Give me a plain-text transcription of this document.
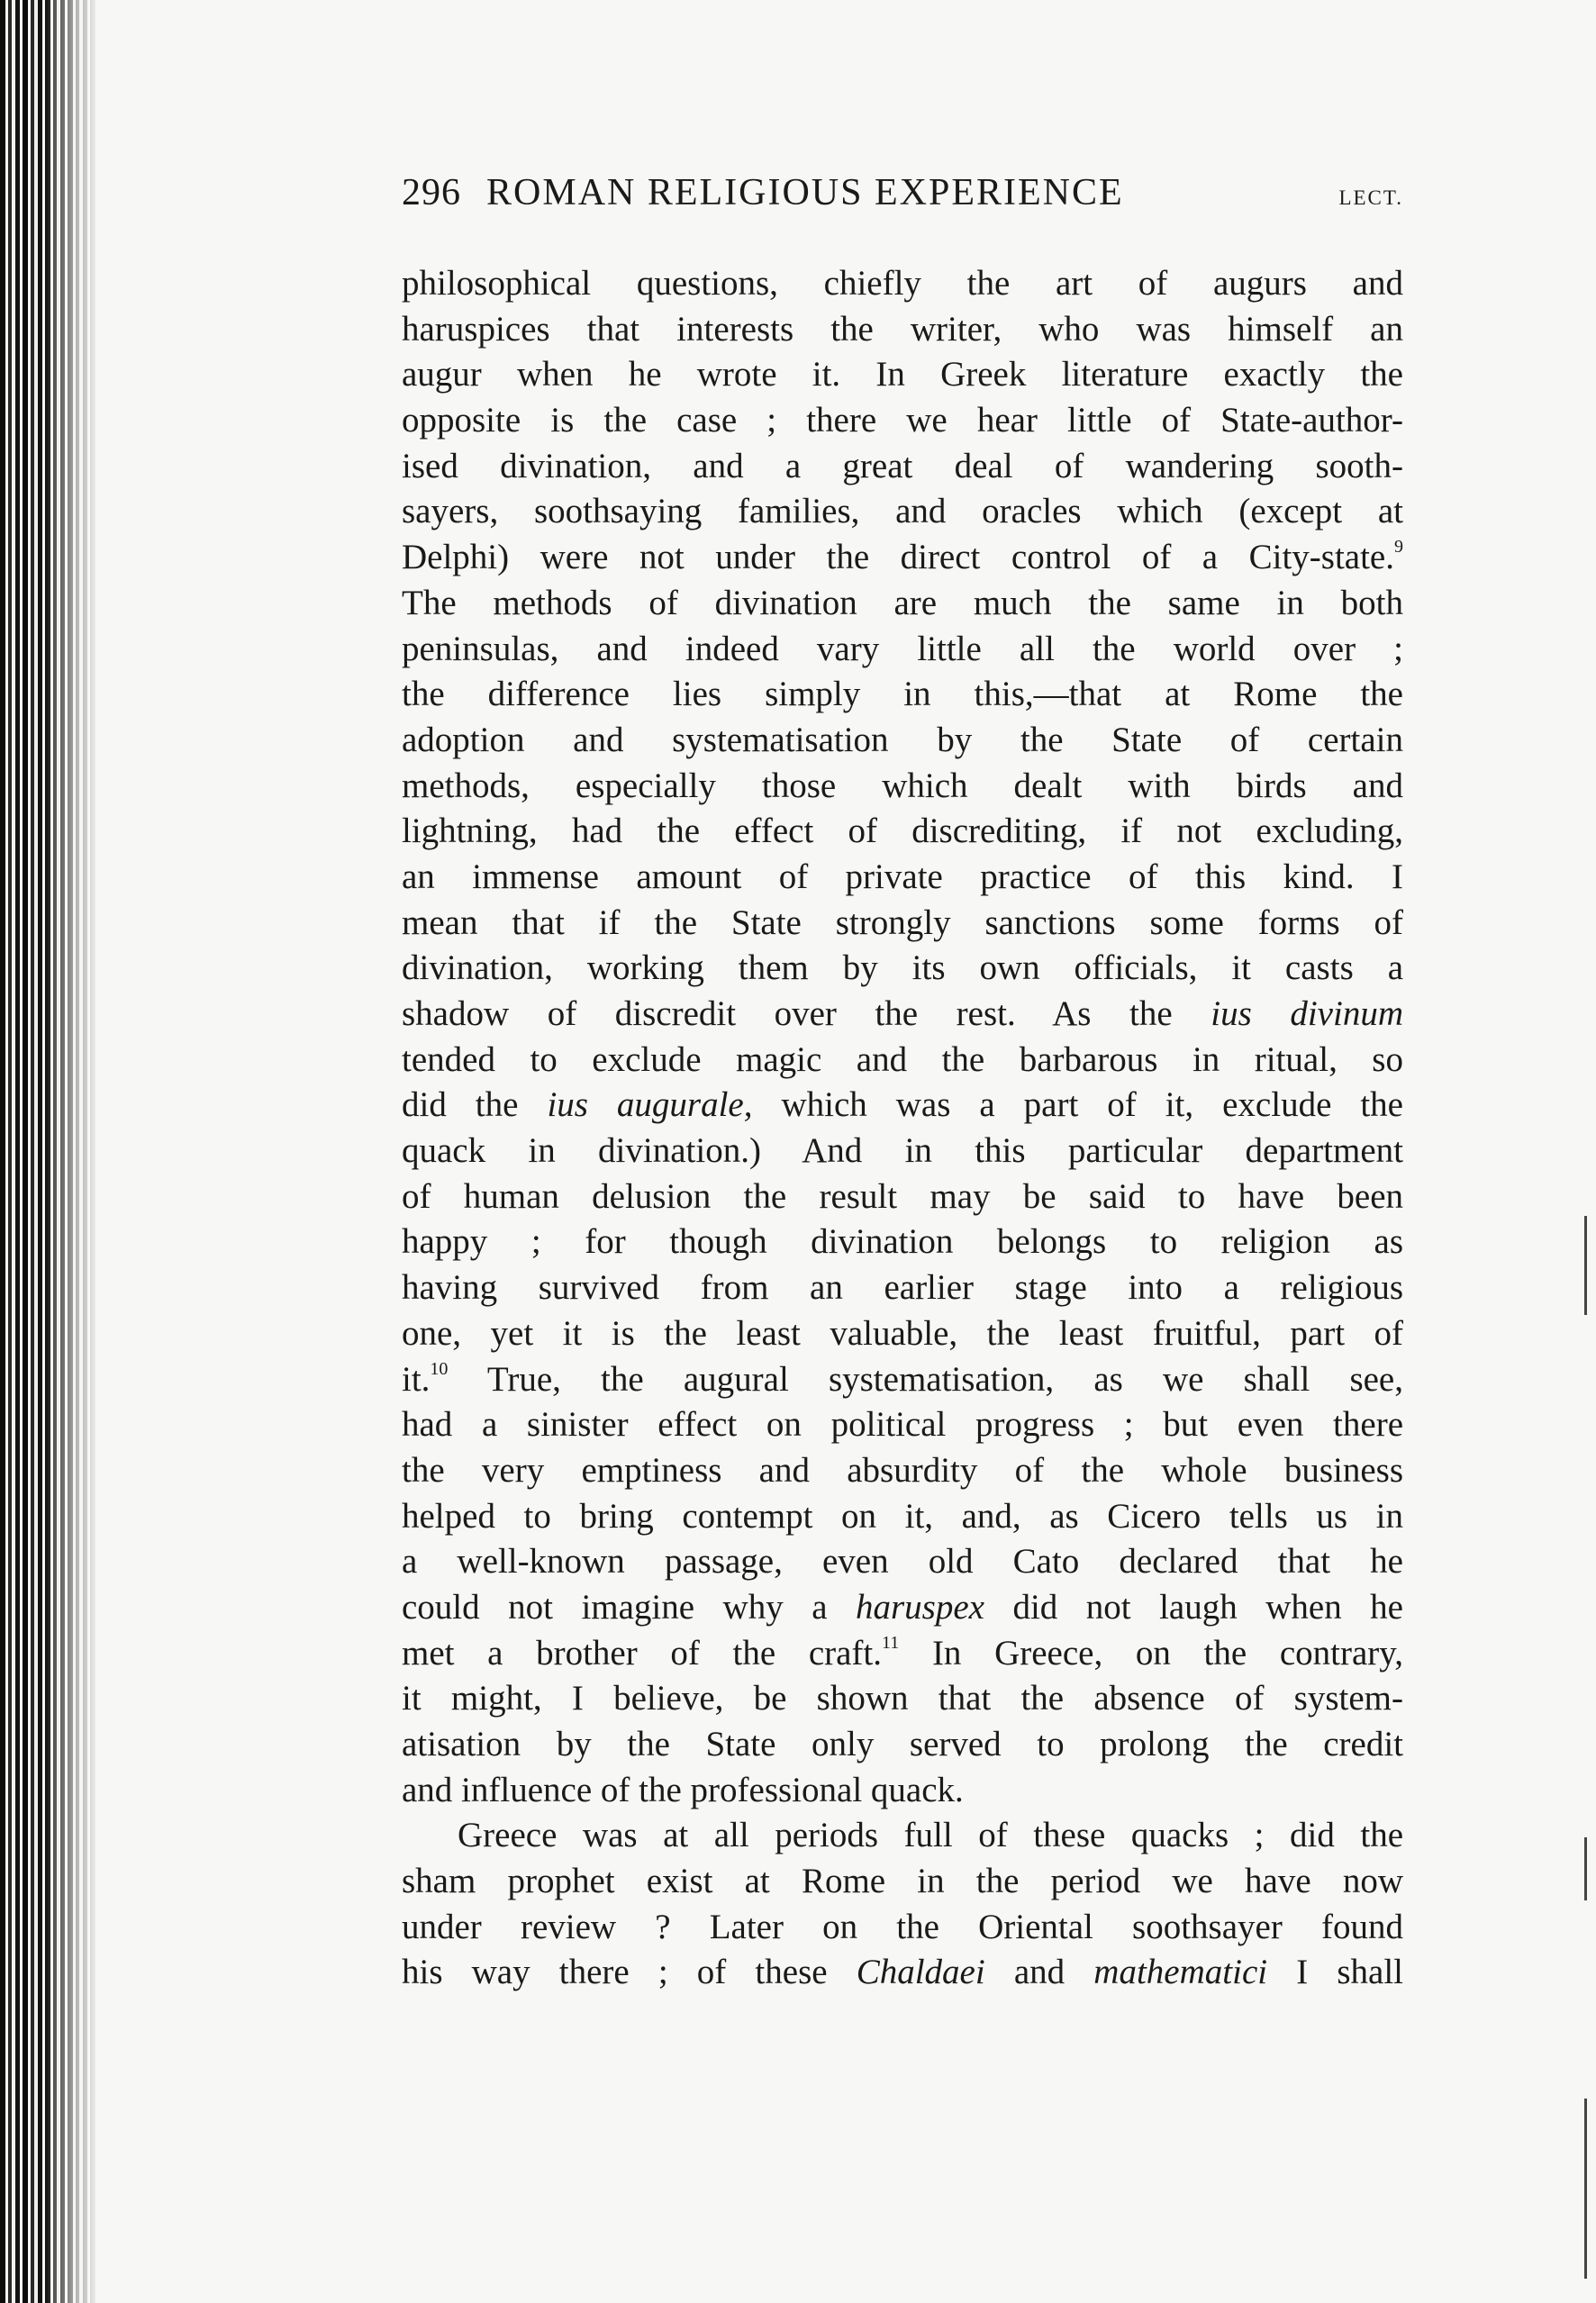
296 ROMAN RELIGIOUS EXPERIENCE	LECT.
philosophical questions, chiefly the art of augurs and
haruspices that interests the writer, who was himself an
augur when he wrote it. In Greek literature exactly the
opposite is the case ; there we hear little of State-author-
ised divination, and a great deal of wandering sooth-
sayers, soothsaying families, and oracles which (except at
Delphi) were not under the direct control of a City-state.$^9$
The methods of divination are much the same in both
peninsulas, and indeed vary little all the world over ;
the difference lies simply in this,—that at Rome the
adoption and systematisation by the State of certain
methods, especially those which dealt with birds and
lightning, had the effect of discrediting, if not excluding,
an immense amount of private practice of this kind. I
mean that if the State strongly sanctions some forms of
divination, working them by its own officials, it casts a
shadow of discredit over the rest. As the ius divinum
tended to exclude magic and the barbarous in ritual, so
did the ius augurale, which was a part of it, exclude the
quack in divination.) And in this particular department
of human delusion the result may be said to have been
happy ; for though divination belongs to religion as
having survived from an earlier stage into a religious
one, yet it is the least valuable, the least fruitful, part of
it.$^{10}$ True, the augural systematisation, as we shall see,
had a sinister effect on political progress ; but even there
the very emptiness and absurdity of the whole business
helped to bring contempt on it, and, as Cicero tells us in
a well-known passage, even old Cato declared that he
could not imagine why a haruspex did not laugh when he
met a brother of the craft.$^{11}$ In Greece, on the contrary,
it might, I believe, be shown that the absence of system-
atisation by the State only served to prolong the credit
and influence of the professional quack.
Greece was at all periods full of these quacks ; did the
sham prophet exist at Rome in the period we have now
under review ? Later on the Oriental soothsayer found
his way there ; of these Chaldaei and mathematici I shall
